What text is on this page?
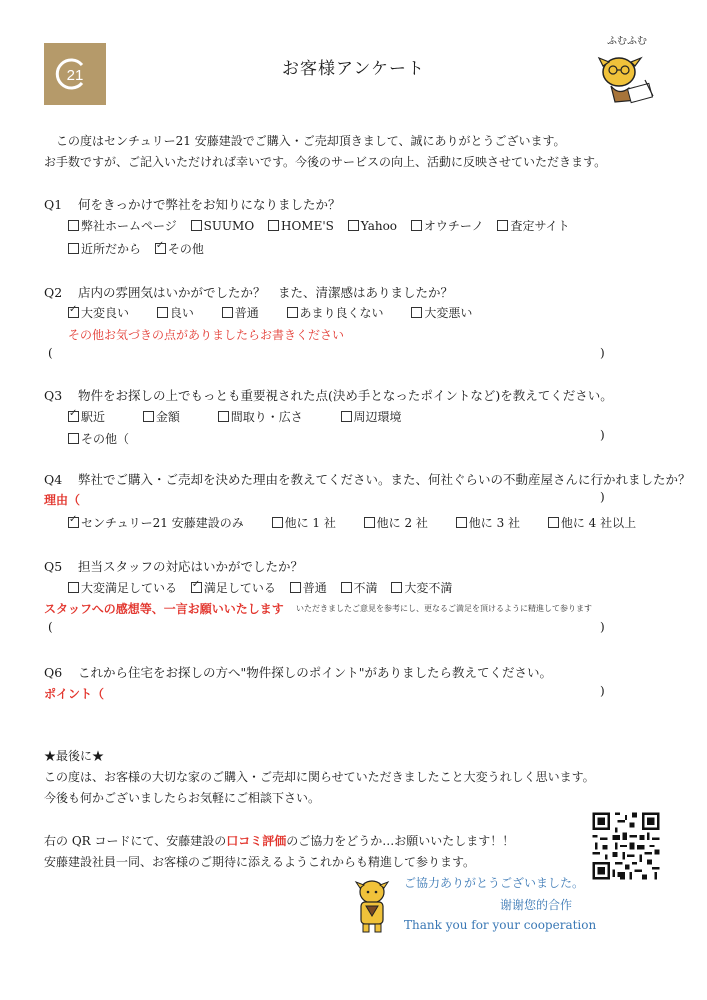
21	お客様アンケート
ふむふむ
この度はセンチュリー21 安藤建設でご購入・ご売却頂きまして、誠にありがとうございます。
お手数ですが、ご記入いただければ幸いです。今後のサービスの向上、活動に反映させていただきます。
Q1 何をきっかけで弊社をお知りになりましたか？
弊社ホームページ SUUMO HOME'S Yahoo オウチーノ 査定サイト
近所だから ✓ その他
Q2 店内の雰囲気はいかがでしたか？　また、清潔感はありましたか？
✓大変良い	良い	普通	あまり良くない	大変悪い
その他お気づきの点がありましたらお書きください
(	)
Q3 物件をお探しの上でもっとも重要視された点(決め手となったポイントなど)を教えてください。
✓駅近	金額	間取り・広さ	周辺環境
その他（	)
Q4 弊社でご購入・ご売却を決めた理由を教えてください。また、何社ぐらいの不動産屋さんに行かれましたか？
理由（	)
✓センチュリー21 安藤建設のみ	他に 1 社	他に 2 社	他に 3 社	他に 4 社以上
Q5 担当スタッフの対応はいかがでしたか？
大変満足している ✓ 満足している 普通 不満 大変不満
スタッフへの感想等、一言お願いいたします いただきましたご意見を参考にし、更なるご満足を頂けるように精進して参ります
(	)
Q6 これから住宅をお探しの方へ"物件探しのポイント"がありましたら教えてください。
ポイント（	)
★最後に★
この度は、お客様の大切な家のご購入・ご売却に関らせていただきましたこと大変うれしく思います。
今後も何かございましたらお気軽にご相談下さい。
右の QR コードにて、安藤建設の口コミ評価のご協力をどうか…お願いいたします！！
安藤建設社員一同、お客様のご期待に添えるようこれからも精進して参ります。
ご協力ありがとうございました。
谢谢您的合作
Thank you for your cooperation
